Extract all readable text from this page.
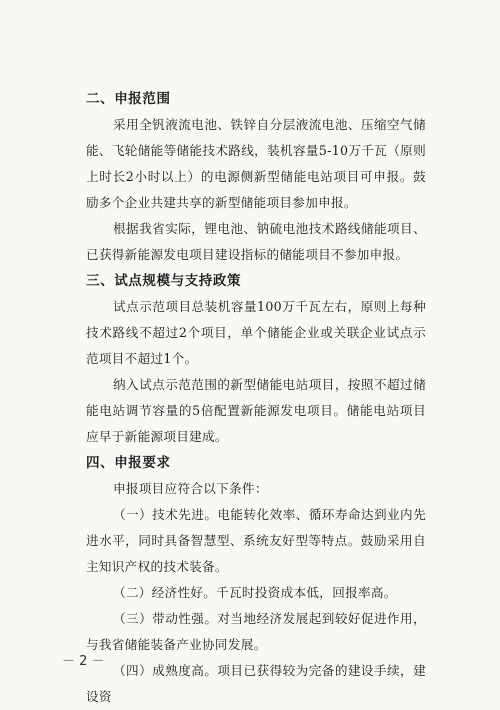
二、申报范围
采用全钒液流电池、铁锌自分层液流电池、压缩空气储能、飞轮储能等储能技术路线，装机容量5-10万千瓦（原则上时长2小时以上）的电源侧新型储能电站项目可申报。鼓励多个企业共建共享的新型储能项目参加申报。
根据我省实际，锂电池、钠硫电池技术路线储能项目、已获得新能源发电项目建设指标的储能项目不参加申报。
三、试点规模与支持政策
试点示范项目总装机容量100万千瓦左右，原则上每种技术路线不超过2个项目，单个储能企业或关联企业试点示范项目不超过1个。
纳入试点示范范围的新型储能电站项目，按照不超过储能电站调节容量的5倍配置新能源发电项目。储能电站项目应早于新能源项目建成。
四、申报要求
申报项目应符合以下条件：
（一）技术先进。电能转化效率、循环寿命达到业内先进水平，同时具备智慧型、系统友好型等特点。鼓励采用自主知识产权的技术装备。
（二）经济性好。千瓦时投资成本低，回报率高。
（三）带动性强。对当地经济发展起到较好促进作用，与我省储能装备产业协同发展。
（四）成熟度高。项目已获得较为完备的建设手续，建设资
－ 2 －
